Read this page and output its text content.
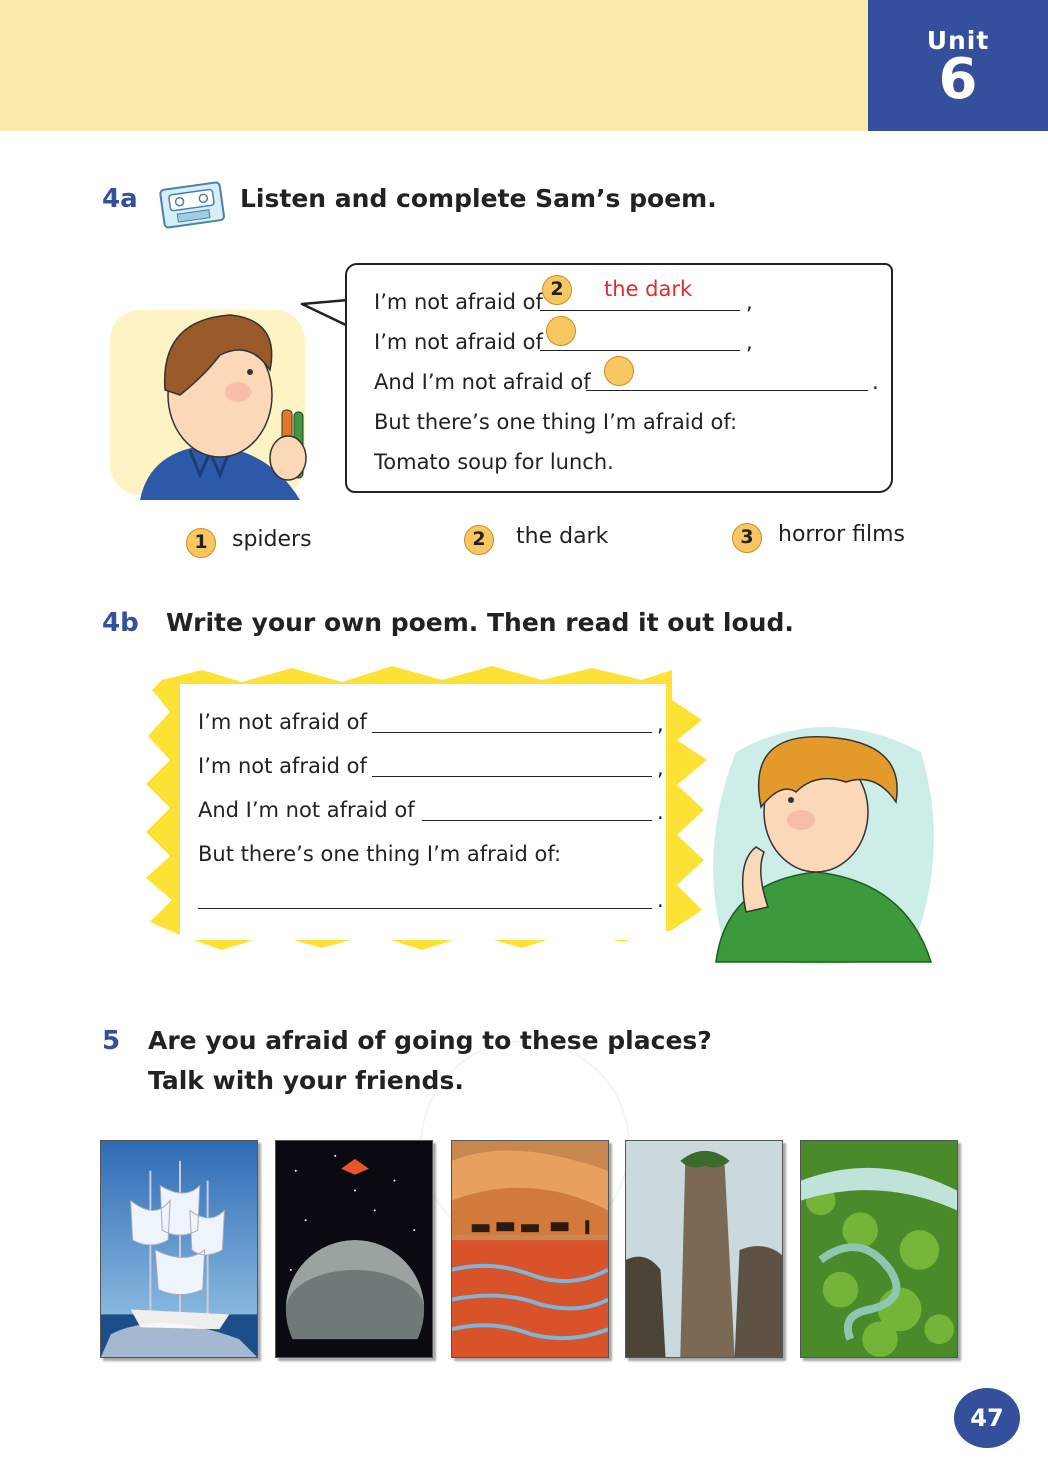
Unit
6
4a	Listen and complete Sam’s poem.
I’m not afraid of
2	the dark
,
I’m not afraid of	,
And I’m not afraid of	.
But there’s one thing I’m afraid of:
Tomato soup for lunch.
1	spiders	2	the dark	3	horror films
4b Write your own poem. Then read it out loud.
I’m not afraid of	,
I’m not afraid of	,
And I’m not afraid of	.
But there’s one thing I’m afraid of:
.
5 Are you afraid of going to these places?
Talk with your friends.
47
